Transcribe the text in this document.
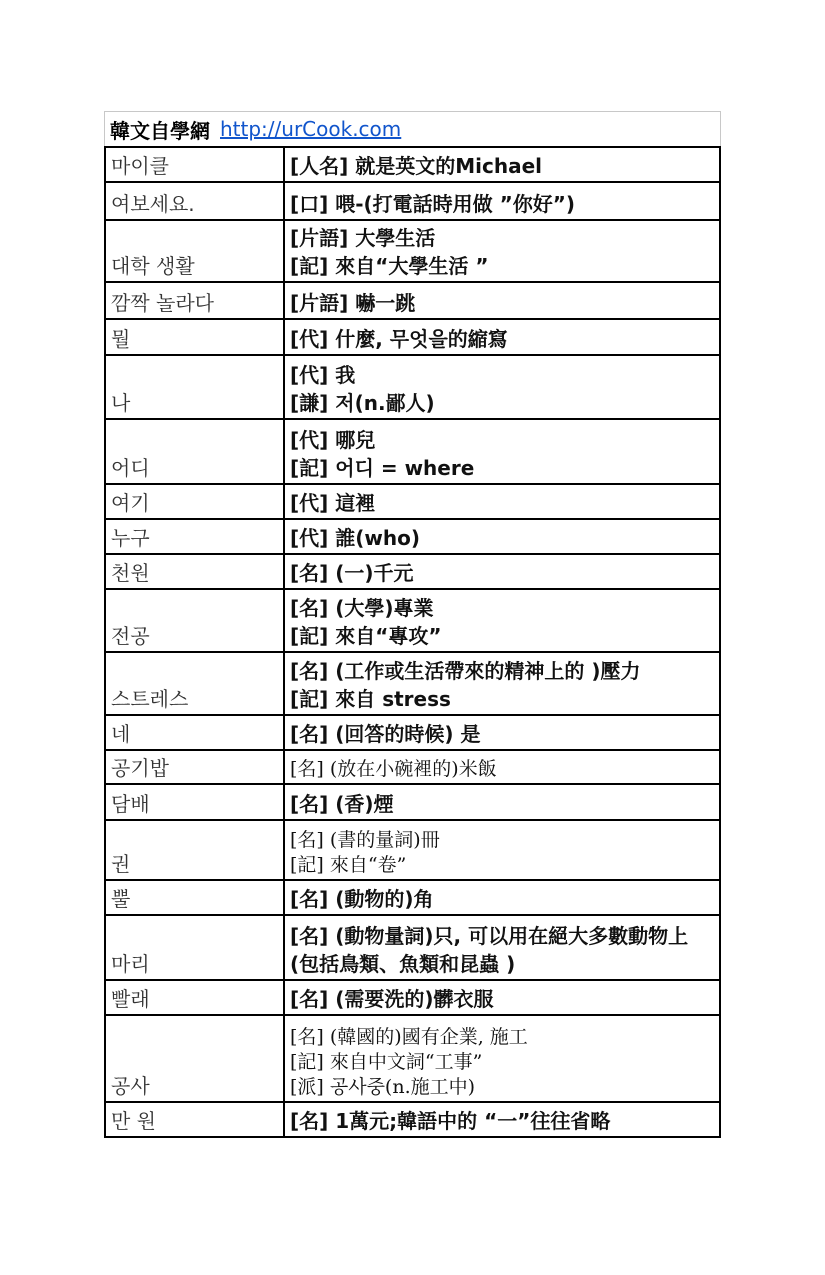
韓文自學網 http://urCook.com
마이클	[人名] 就是英文的Michael

여보세요.	[口] 喂-(打電話時用做 ”你好”)

대학 생활	[片語] 大學生活
[記] 來自“大學生活 ”

깜짝 놀라다	[片語] 嚇一跳

뭘	[代] 什麼, 무엇을的縮寫

나	[代] 我
[謙] 저(n.鄙人)

어디	[代] 哪兒
[記] 어디 = where

여기	[代] 這裡

누구	[代] 誰(who)

천원	[名] (一)千元

전공	[名] (大學)專業
[記] 來自“專攻”

스트레스	[名] (工作或生活帶來的精神上的 )壓力
[記] 來自 stress

네	[名] (回答的時候) 是

공기밥	[名] (放在小碗裡的)米飯

담배	[名] (香)煙

권	[名] (書的量詞)冊
[記] 來自“卷”

뿔	[名] (動物的)角

마리	[名] (動物量詞)只, 可以用在絕大多數動物上(包括鳥類、魚類和昆蟲 )

빨래	[名] (需要洗的)髒衣服

공사	[名] (韓國的)國有企業, 施工
[記] 來自中文詞“工事”
[派] 공사중(n.施工中)

만 원	[名] 1萬元;韓語中的 “一”往往省略
